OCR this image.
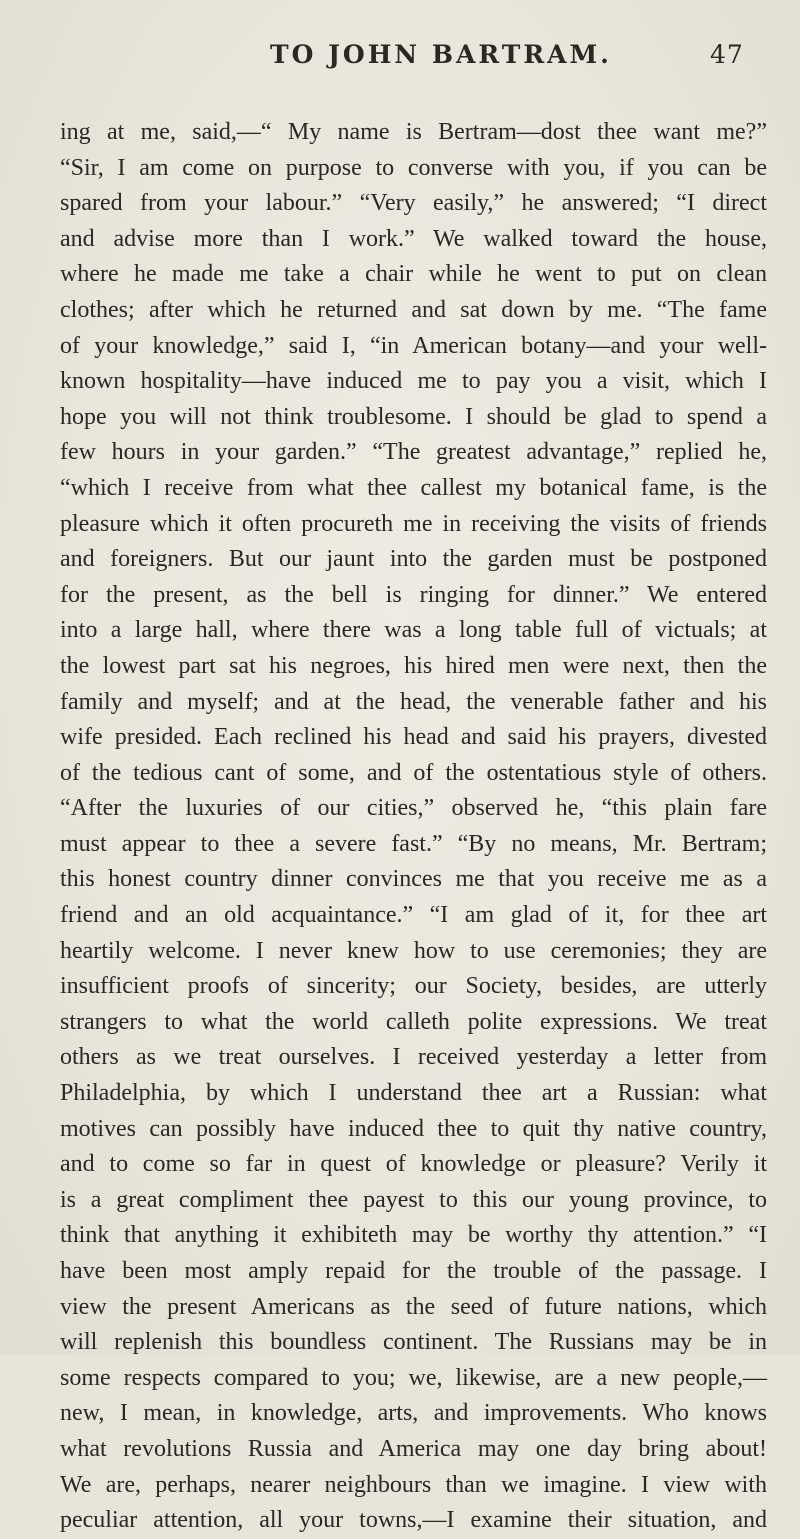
TO JOHN BARTRAM.	47
ing at me, said,—“ My name is Bertram—dost thee want me?”
“Sir, I am come on purpose to converse with you, if you can be
spared from your labour.” “Very easily,” he answered; “I direct
and advise more than I work.” We walked toward the house,
where he made me take a chair while he went to put on clean
clothes; after which he returned and sat down by me. “The fame
of your knowledge,” said I, “in American botany—and your well-
known hospitality—have induced me to pay you a visit, which I
hope you will not think troublesome. I should be glad to spend a
few hours in your garden.” “The greatest advantage,” replied he,
“which I receive from what thee callest my botanical fame, is the
pleasure which it often procureth me in receiving the visits of friends
and foreigners. But our jaunt into the garden must be postponed
for the present, as the bell is ringing for dinner.” We entered
into a large hall, where there was a long table full of victuals; at
the lowest part sat his negroes, his hired men were next, then the
family and myself; and at the head, the venerable father and his
wife presided. Each reclined his head and said his prayers, divested
of the tedious cant of some, and of the ostentatious style of others.
“After the luxuries of our cities,” observed he, “this plain fare
must appear to thee a severe fast.” “By no means, Mr. Bertram;
this honest country dinner convinces me that you receive me as a
friend and an old acquaintance.” “I am glad of it, for thee art
heartily welcome. I never knew how to use ceremonies; they are
insufficient proofs of sincerity; our Society, besides, are utterly
strangers to what the world calleth polite expressions. We treat
others as we treat ourselves. I received yesterday a letter from
Philadelphia, by which I understand thee art a Russian: what
motives can possibly have induced thee to quit thy native country,
and to come so far in quest of knowledge or pleasure? Verily it
is a great compliment thee payest to this our young province, to
think that anything it exhibiteth may be worthy thy attention.” “I
have been most amply repaid for the trouble of the passage. I
view the present Americans as the seed of future nations, which
will replenish this boundless continent. The Russians may be in
some respects compared to you; we, likewise, are a new people,—
new, I mean, in knowledge, arts, and improvements. Who knows
what revolutions Russia and America may one day bring about!
We are, perhaps, nearer neighbours than we imagine. I view with
peculiar attention, all your towns,—I examine their situation, and
